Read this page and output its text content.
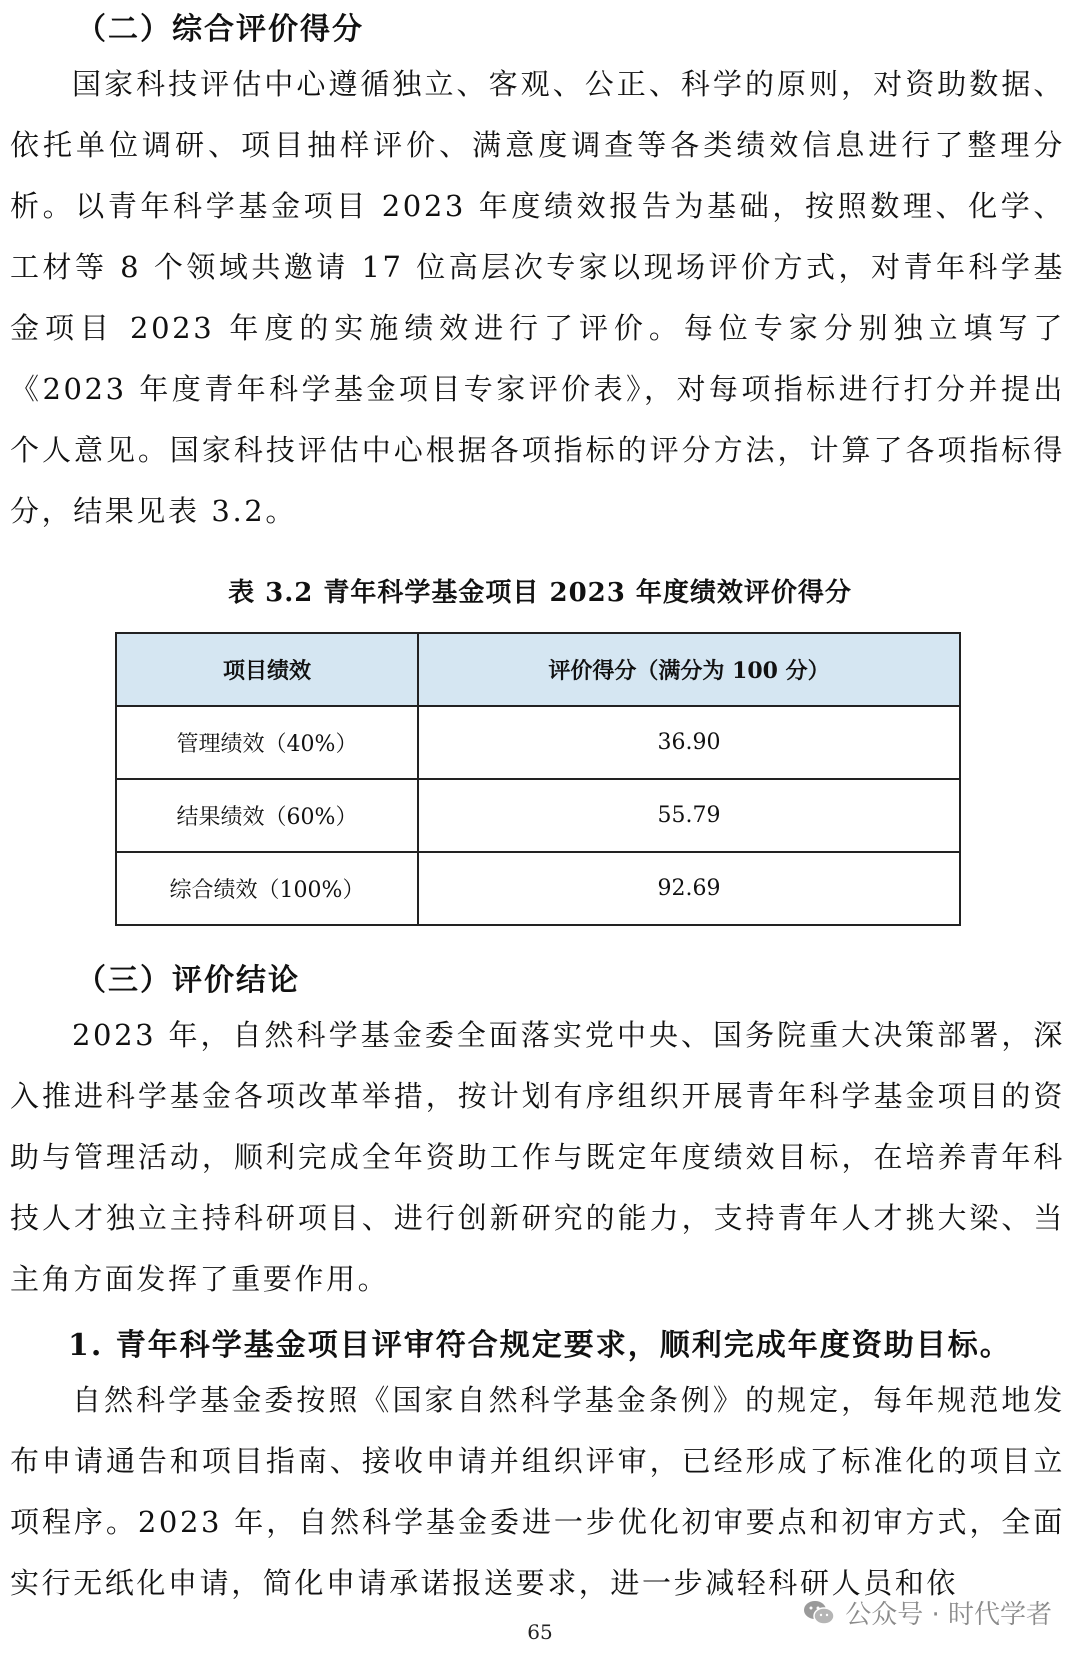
（二）综合评价得分

国家科技评估中心遵循独立、客观、公正、科学的原则，对资助数据、依托单位调研、项目抽样评价、满意度调查等各类绩效信息进行了整理分析。以青年科学基金项目 2023 年度绩效报告为基础，按照数理、化学、工材等 8 个领域共邀请 17 位高层次专家以现场评价方式，对青年科学基金项目 2023 年度的实施绩效进行了评价。每位专家分别独立填写了《2023 年度青年科学基金项目专家评价表》，对每项指标进行打分并提出个人意见。国家科技评估中心根据各项指标的评分方法，计算了各项指标得分，结果见表 3.2。

表 3.2 青年科学基金项目 2023 年度绩效评价得分
项目绩效	评价得分（满分为 100 分）
管理绩效（40%）	36.90
结果绩效（60%）	55.79
综合绩效（100%）	92.69
（三）评价结论

2023 年，自然科学基金委全面落实党中央、国务院重大决策部署，深入推进科学基金各项改革举措，按计划有序组织开展青年科学基金项目的资助与管理活动，顺利完成全年资助工作与既定年度绩效目标，在培养青年科技人才独立主持科研项目、进行创新研究的能力，支持青年人才挑大梁、当主角方面发挥了重要作用。

1. 青年科学基金项目评审符合规定要求，顺利完成年度资助目标。

自然科学基金委按照《国家自然科学基金条例》的规定，每年规范地发布申请通告和项目指南、接收申请并组织评审，已经形成了标准化的项目立项程序。2023 年，自然科学基金委进一步优化初审要点和初审方式，全面实行无纸化申请，简化申请承诺报送要求，进一步减轻科研人员和依

公众号 · 时代学者
65
